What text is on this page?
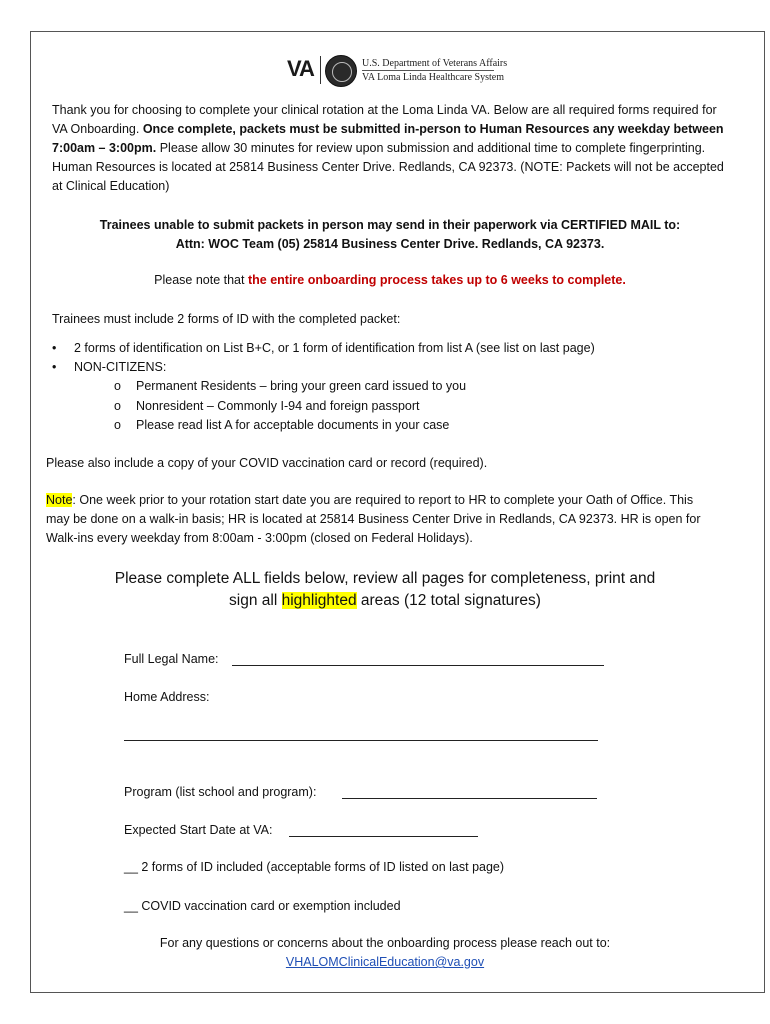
VA	U.S. Department of Veterans Affairs
VA Loma Linda Healthcare System
Thank you for choosing to complete your clinical rotation at the Loma Linda VA. Below are all required forms required for VA Onboarding. Once complete, packets must be submitted in-person to Human Resources any weekday between 7:00am – 3:00pm. Please allow 30 minutes for review upon submission and additional time to complete fingerprinting. Human Resources is located at 25814 Business Center Drive. Redlands, CA 92373. (NOTE: Packets will not be accepted at Clinical Education)
Trainees unable to submit packets in person may send in their paperwork via CERTIFIED MAIL to:
Attn: WOC Team (05) 25814 Business Center Drive. Redlands, CA 92373.
Please note that the entire onboarding process takes up to 6 weeks to complete.
Trainees must include 2 forms of ID with the completed packet:
• 2 forms of identification on List B+C, or 1 form of identification from list A (see list on last page)
• NON-CITIZENS:
o Permanent Residents – bring your green card issued to you
o Nonresident – Commonly I-94 and foreign passport
o Please read list A for acceptable documents in your case
Please also include a copy of your COVID vaccination card or record (required).
Note: One week prior to your rotation start date you are required to report to HR to complete your Oath of Office. This may be done on a walk-in basis; HR is located at 25814 Business Center Drive in Redlands, CA 92373. HR is open for Walk-ins every weekday from 8:00am - 3:00pm (closed on Federal Holidays).
Please complete ALL fields below, review all pages for completeness, print and
sign all highlighted areas (12 total signatures)
Full Legal Name:
Home Address:
Program (list school and program):
Expected Start Date at VA:
__ 2 forms of ID included (acceptable forms of ID listed on last page)
__ COVID vaccination card or exemption included
For any questions or concerns about the onboarding process please reach out to:
VHALOMClinicalEducation@va.gov
